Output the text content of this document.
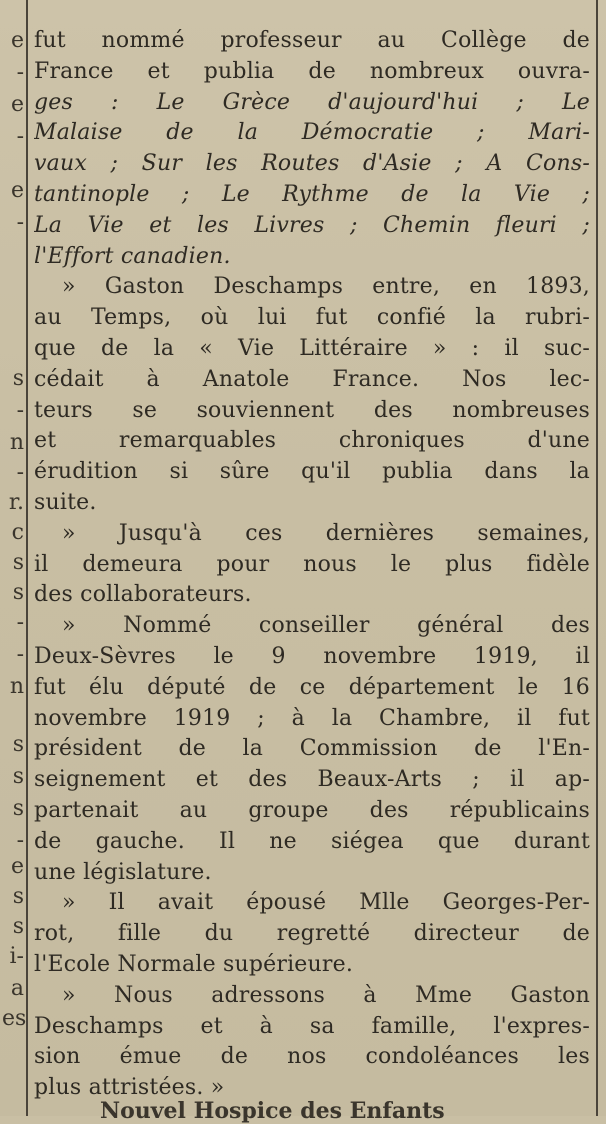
e
-
e
-
e
-
s
-
n
-
r.
c
s
s
-
-
n
s
s
s
-
e
s
s
i-
a
es
fut nommé professeur au Collège de
France et publia de nombreux ouvra-
ges : Le Grèce d'aujourd'hui ; Le
Malaise de la Démocratie ; Mari-
vaux ; Sur les Routes d'Asie ; A Cons-
tantinople ; Le Rythme de la Vie ;
La Vie et les Livres ; Chemin fleuri ;
l'Effort canadien.
» Gaston Deschamps entre, en 1893,
au Temps, où lui fut confié la rubri-
que de la « Vie Littéraire » : il suc-
cédait à Anatole France. Nos lec-
teurs se souviennent des nombreuses
et remarquables chroniques d'une
érudition si sûre qu'il publia dans la
suite.
» Jusqu'à ces dernières semaines,
il demeura pour nous le plus fidèle
des collaborateurs.
» Nommé conseiller général des
Deux-Sèvres le 9 novembre 1919, il
fut élu député de ce département le 16
novembre 1919 ; à la Chambre, il fut
président de la Commission de l'En-
seignement et des Beaux-Arts ; il ap-
partenait au groupe des républicains
de gauche. Il ne siégea que durant
une législature.
» Il avait épousé Mlle Georges-Per-
rot, fille du regretté directeur de
l'Ecole Normale supérieure.
» Nous adressons à Mme Gaston
Deschamps et à sa famille, l'expres-
sion émue de nos condoléances les
plus attristées. »
Nouvel Hospice des Enfants
